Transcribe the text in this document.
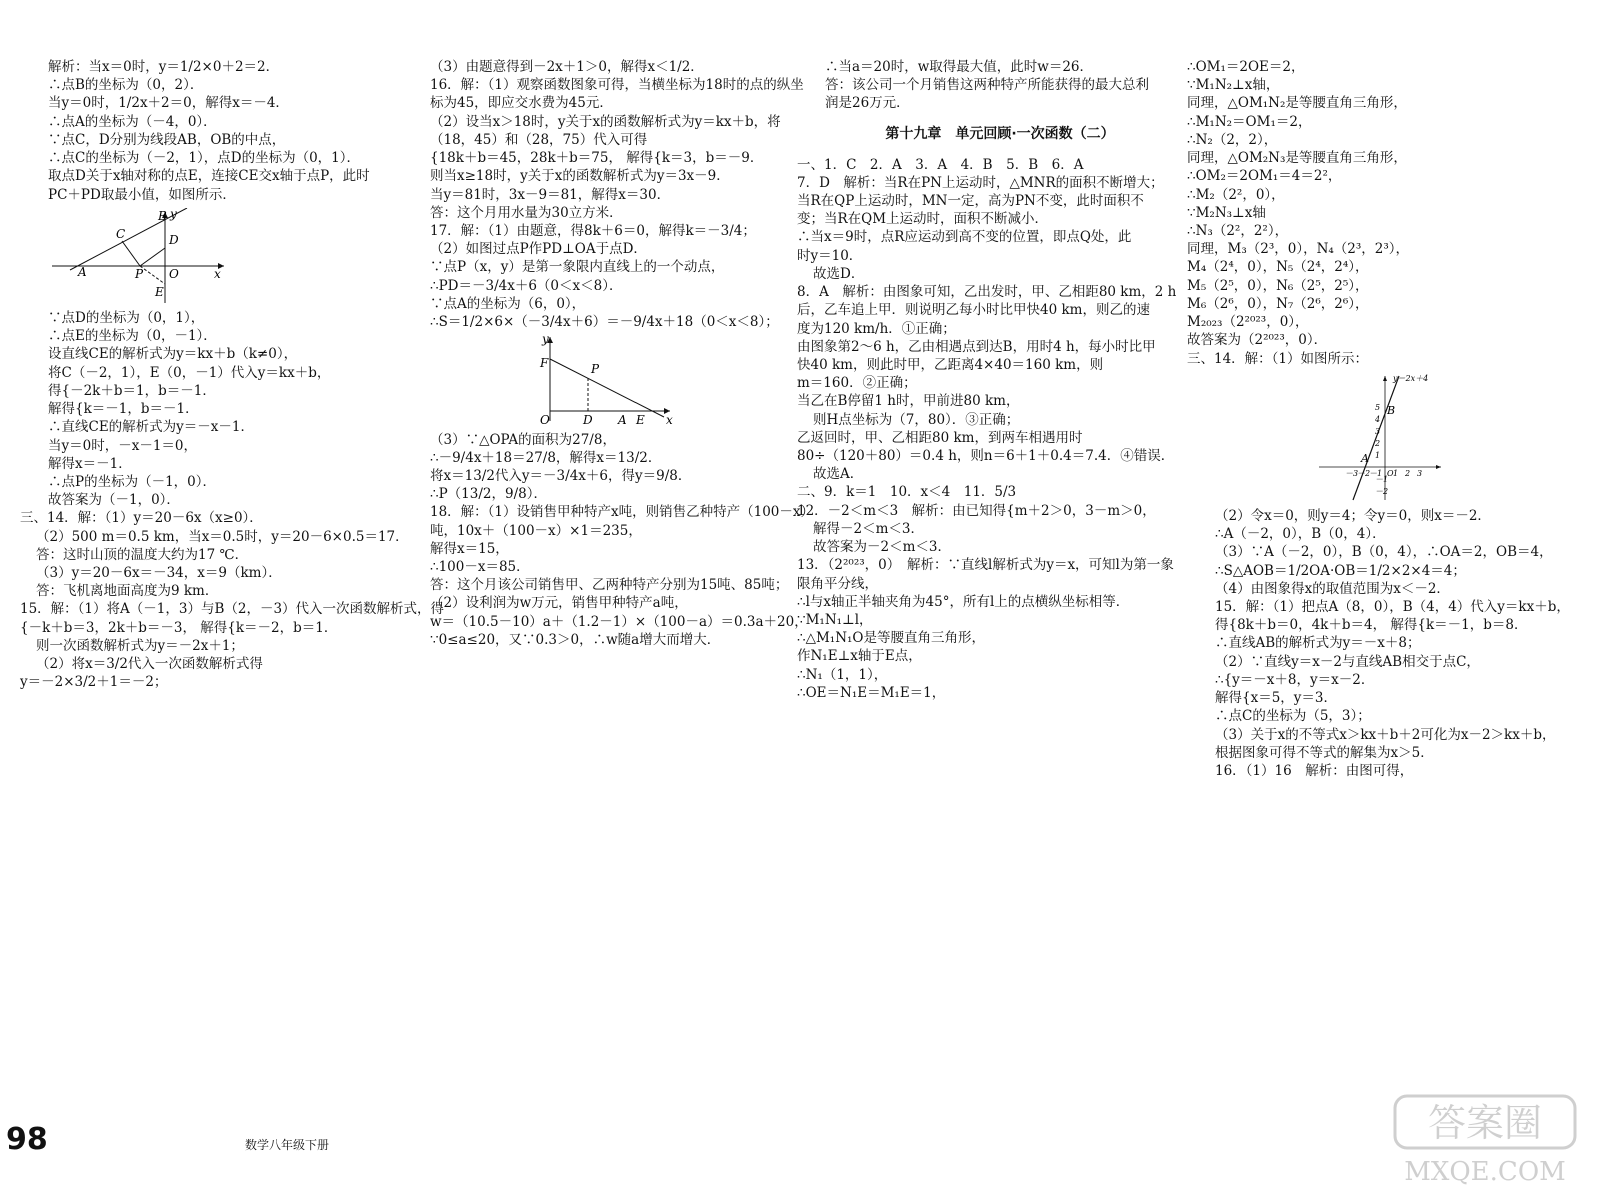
解析：当x＝0时，y＝1/2×0＋2＝2．
∴点B的坐标为（0，2）．
当y＝0时，1/2x＋2＝0，解得x＝－4．
∴点A的坐标为（－4，0）．
∵点C，D分别为线段AB，OB的中点，
∴点C的坐标为（－2，1），点D的坐标为（0，1）．
取点D关于x轴对称的点E，连接CE交x轴于点P，此时
PC＋PD取最小值，如图所示．
A
B
C	D
P O
E
x
y
∵点D的坐标为（0，1），
∴点E的坐标为（0，－1）．
设直线CE的解析式为y＝kx＋b（k≠0），
将C（－2，1），E（0，－1）代入y＝kx＋b，
得{－2k＋b＝1，b＝－1．
解得{k＝－1，b＝－1．
∴直线CE的解析式为y＝－x－1．
当y＝0时，－x－1＝0，
解得x＝－1．
∴点P的坐标为（－1，0）．
故答案为（－1，0）．
三、14．解：（1）y＝20－6x（x≥0）．
（2）500 m＝0.5 km，当x＝0.5时，y＝20－6×0.5＝17．
答：这时山顶的温度大约为17 ℃．
（3）y＝20－6x＝－34，x＝9（km）．
答：飞机离地面高度为9 km．
15．解：（1）将A（－1，3）与B（2，－3）代入一次函数解析式，得
{－k＋b＝3，2k＋b＝－3， 解得{k＝－2，b＝1．
则一次函数解析式为y＝－2x＋1；
（2）将x＝3/2代入一次函数解析式得
y＝－2×3/2＋1＝－2；
（3）由题意得到－2x＋1＞0，解得x＜1/2．
16．解：（1）观察函数图象可得，当横坐标为18时的点的纵坐
标为45，即应交水费为45元．
（2）设当x＞18时，y关于x的函数解析式为y＝kx＋b，将
（18，45）和（28，75）代入可得
{18k＋b＝45，28k＋b＝75， 解得{k＝3，b＝－9．
则当x≥18时，y关于x的函数解析式为y＝3x－9．
当y＝81时，3x－9＝81，解得x＝30．
答：这个月用水量为30立方米．
17．解：（1）由题意，得8k＋6＝0，解得k＝－3/4；
（2）如图过点P作PD⊥OA于点D．
∵点P（x，y）是第一象限内直线上的一个动点，
∴PD＝－3/4x＋6（0＜x＜8）．
∵点A的坐标为（6，0），
∴S＝1/2×6×（－3/4x＋6）＝－9/4x＋18（0＜x＜8）；
y
F	P
O	D A E x
（3）∵△OPA的面积为27/8，
∴－9/4x＋18＝27/8，解得x＝13/2．
将x＝13/2代入y＝－3/4x＋6，得y＝9/8．
∴P（13/2，9/8）．
18．解：（1）设销售甲种特产x吨，则销售乙种特产（100－x）
吨，10x＋（100－x）×1＝235，
解得x＝15，
∴100－x＝85．
答：这个月该公司销售甲、乙两种特产分别为15吨、85吨；
（2）设利润为w万元，销售甲种特产a吨，
w＝（10.5－10）a＋（1.2－1）×（100－a）＝0.3a＋20，
∵0≤a≤20，又∵0.3＞0，∴w随a增大而增大．
∴当a＝20时，w取得最大值，此时w＝26．
答：该公司一个月销售这两种特产所能获得的最大总利
润是26万元．
第十九章　单元回顾·一次函数（二）
一、1．C　2．A　3．A　4．B　5．B　6．A
7．D　解析：当R在PN上运动时，△MNR的面积不断增大；
当R在QP上运动时，MN一定，高为PN不变，此时面积不
变；当R在QM上运动时，面积不断减小．
∴当x＝9时，点R应运动到高不变的位置，即点Q处，此
时y＝10．
故选D．
8．A　解析：由图象可知，乙出发时，甲、乙相距80 km，2 h
后，乙车追上甲．则说明乙每小时比甲快40 km，则乙的速
度为120 km/h．①正确；
由图象第2～6 h，乙由相遇点到达B，用时4 h，每小时比甲
快40 km，则此时甲，乙距离4×40＝160 km，则
m＝160．②正确；
当乙在B停留1 h时，甲前进80 km，
则H点坐标为（7，80）．③正确；
乙返回时，甲、乙相距80 km，到两车相遇用时
80÷（120＋80）＝0.4 h，则n＝6＋1＋0.4＝7.4．④错误．
故选A．
二、9．k＝1　10．x＜4　11．5/3
12．－2＜m＜3　解析：由已知得{m＋2＞0，3－m＞0，
解得－2＜m＜3．
故答案为－2＜m＜3．
13．（2²⁰²³，0）　解析：∵直线l解析式为y＝x，可知l为第一象
限角平分线，
∴l与x轴正半轴夹角为45°，所有l上的点横纵坐标相等．
∵M₁N₁⊥l，
∴△M₁N₁O是等腰直角三角形，
作N₁E⊥x轴于E点，
∴N₁（1，1），
∴OE＝N₁E＝M₁E＝1，
∴OM₁＝2OE＝2，
∵M₁N₂⊥x轴，
同理，△OM₁N₂是等腰直角三角形，
∴M₁N₂＝OM₁＝2，
∴N₂（2，2），
同理，△OM₂N₃是等腰直角三角形，
∴OM₂＝2OM₁＝4＝2²，
∴M₂（2²，0），
∵M₂N₃⊥x轴
∴N₃（2²，2²），
同理，M₃（2³，0），N₄（2³，2³），
M₄（2⁴，0），N₅（2⁴，2⁴），
M₅（2⁵，0），N₆（2⁵，2⁵），
M₆（2⁶，0），N₇（2⁶，2⁶），
M₂₀₂₃（2²⁰²³，0），
故答案为（2²⁰²³，0）．
三、14．解：（1）如图所示：
y＝2x＋4
B
A
－3
－2
－1 1 2 3
5
4
3
2
1
－1
－2
O
（2）令x＝0，则y＝4；令y＝0，则x＝－2．
∴A（－2，0），B（0，4）．
（3）∵A（－2，0），B（0，4），∴OA＝2，OB＝4，
∴S△AOB＝1/2OA·OB＝1/2×2×4＝4；
（4）由图象得x的取值范围为x＜－2．
15．解：（1）把点A（8，0），B（4，4）代入y＝kx＋b，
得{8k＋b＝0，4k＋b＝4， 解得{k＝－1，b＝8．
∴直线AB的解析式为y＝－x＋8；
（2）∵直线y＝x－2与直线AB相交于点C，
∴{y＝－x＋8，y＝x－2．
解得{x＝5，y＝3．
∴点C的坐标为（5，3）；
（3）关于x的不等式x＞kx＋b＋2可化为x－2＞kx＋b，
根据图象可得不等式的解集为x＞5．
16．（1）16　解析：由图可得，
98	数学八年级下册	答案圈
MXQE.COM
